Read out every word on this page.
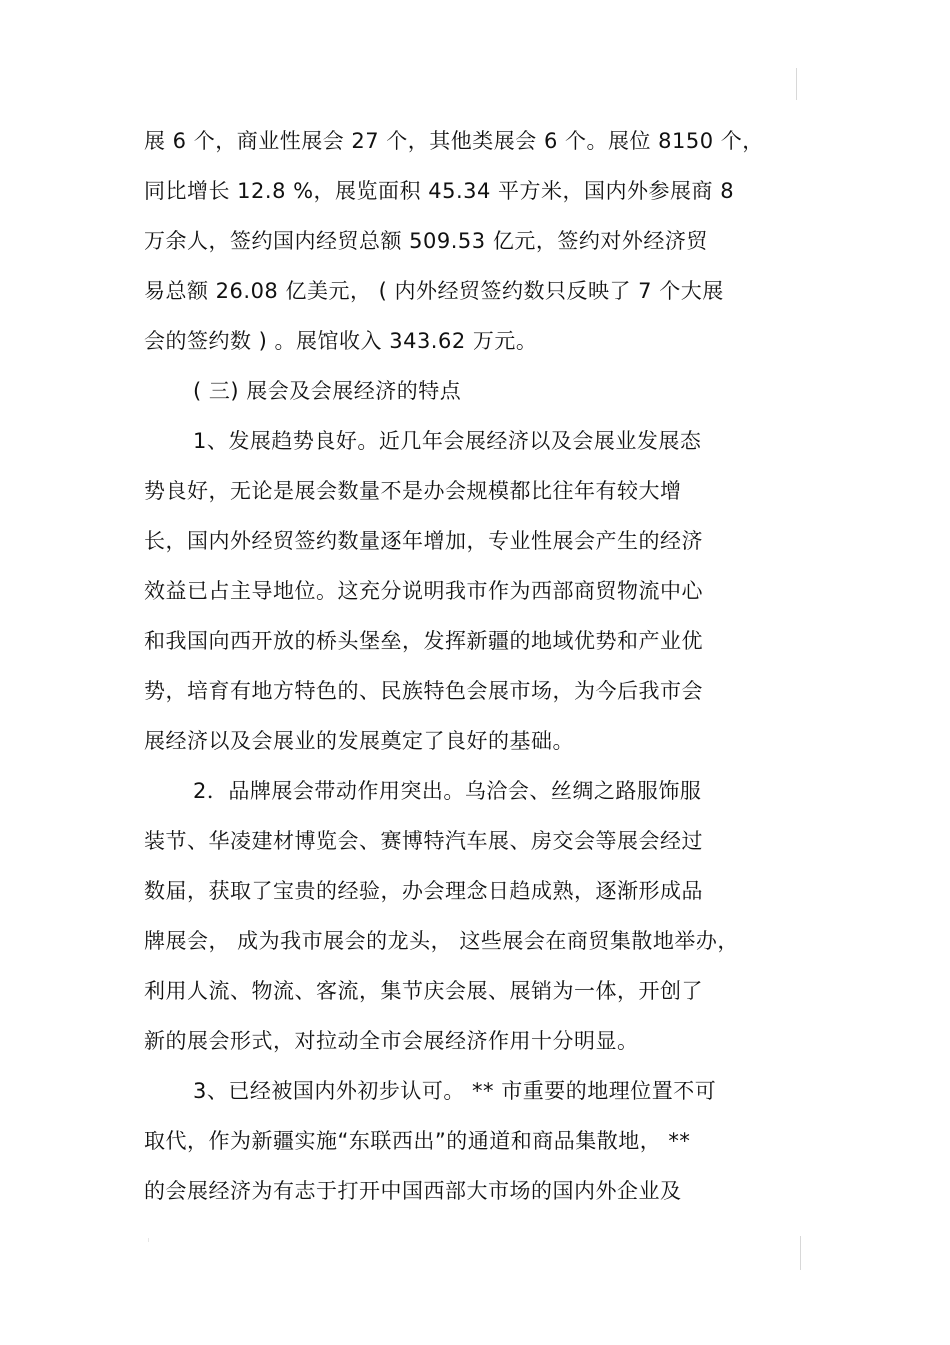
展 6 个，商业性展会 27 个，其他类展会 6 个。展位 8150 个，
同比增长 12.8 %，展览面积 45.34 平方米，国内外参展商 8
万余人，签约国内经贸总额 509.53 亿元，签约对外经济贸
易总额 26.08 亿美元， ( 内外经贸签约数只反映了 7 个大展
会的签约数 ) 。展馆收入 343.62 万元。
( 三) 展会及会展经济的特点
1、发展趋势良好。近几年会展经济以及会展业发展态
势良好，无论是展会数量不是办会规模都比往年有较大增
长，国内外经贸签约数量逐年增加，专业性展会产生的经济
效益已占主导地位。这充分说明我市作为西部商贸物流中心
和我国向西开放的桥头堡垒，发挥新疆的地域优势和产业优
势，培育有地方特色的、民族特色会展市场，为今后我市会
展经济以及会展业的发展奠定了良好的基础。
2．品牌展会带动作用突出。乌洽会、丝绸之路服饰服
装节、华凌建材博览会、赛博特汽车展、房交会等展会经过
数届，获取了宝贵的经验，办会理念日趋成熟，逐渐形成品
牌展会， 成为我市展会的龙头， 这些展会在商贸集散地举办，
利用人流、物流、客流，集节庆会展、展销为一体，开创了
新的展会形式，对拉动全市会展经济作用十分明显。
3、已经被国内外初步认可。 ** 市重要的地理位置不可
取代，作为新疆实施“东联西出”的通道和商品集散地， **
的会展经济为有志于打开中国西部大市场的国内外企业及
